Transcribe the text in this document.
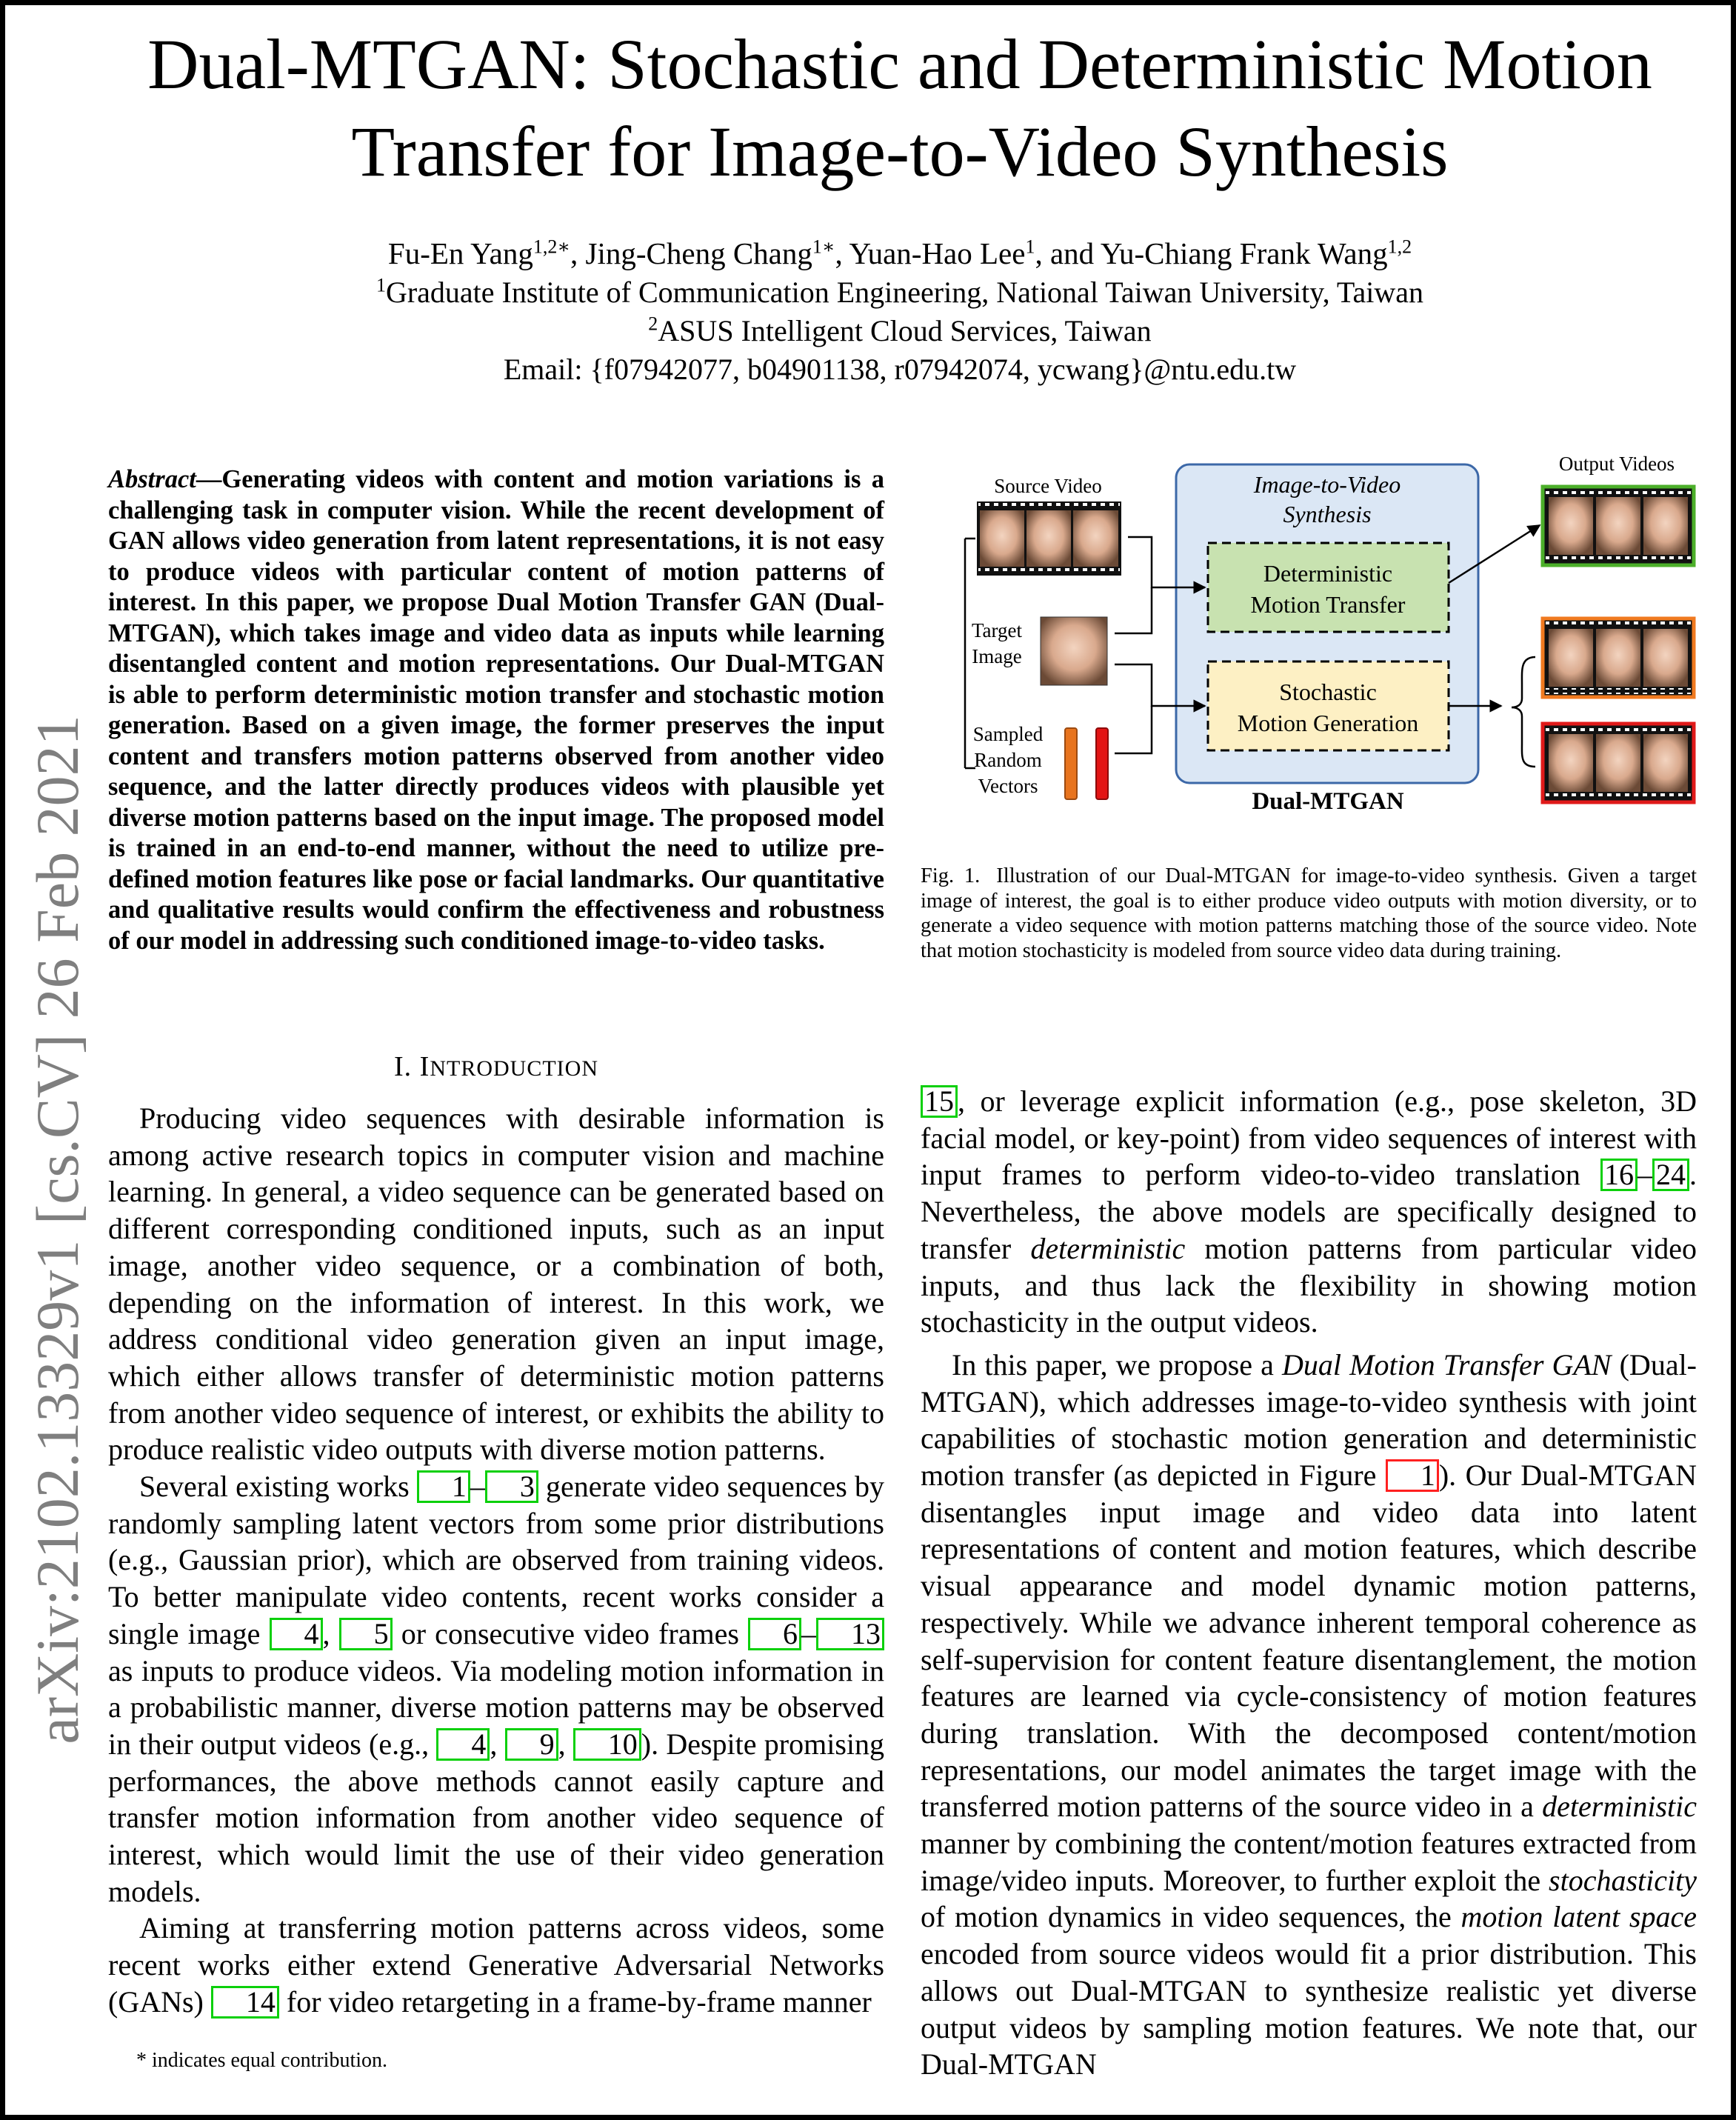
Dual-MTGAN: Stochastic and Deterministic Motion
Transfer for Image-to-Video Synthesis
Fu-En Yang$^{1,2∗}$, Jing-Cheng Chang$^{1∗}$, Yuan-Hao Lee$^1$, and Yu-Chiang Frank Wang$^{1,2}$
$^1$Graduate Institute of Communication Engineering, National Taiwan University, Taiwan
$^2$ASUS Intelligent Cloud Services, Taiwan
Email: {f07942077, b04901138, r07942074, ycwang}@ntu.edu.tw
arXiv:2102.13329v1 [cs.CV] 26 Feb 2021
Abstract—Generating videos with content and motion variations is a challenging task in computer vision. While the recent development of GAN allows video generation from latent representations, it is not easy to produce videos with particular content of motion patterns of interest. In this paper, we propose Dual Motion Transfer GAN (Dual-MTGAN), which takes image and video data as inputs while learning disentangled content and motion representations. Our Dual-MTGAN is able to perform deterministic motion transfer and stochastic motion generation. Based on a given image, the former preserves the input content and transfers motion patterns observed from another video sequence, and the latter directly produces videos with plausible yet diverse motion patterns based on the input image. The proposed model is trained in an end-to-end manner, without the need to utilize pre-defined motion features like pose or facial landmarks. Our quantitative and qualitative results would confirm the effectiveness and robustness of our model in addressing such conditioned image-to-video tasks.
I. INTRODUCTION

Producing video sequences with desirable information is among active research topics in computer vision and machine learning. In general, a video sequence can be generated based on different corresponding conditioned inputs, such as an input image, another video sequence, or a combination of both, depending on the information of interest. In this work, we address conditional video generation given an input image, which either allows transfer of deterministic motion patterns from another video sequence of interest, or exhibits the ability to produce realistic video outputs with diverse motion patterns.

Several existing works 1 – 3 generate video sequences by randomly sampling latent vectors from some prior distributions (e.g., Gaussian prior), which are observed from training videos. To better manipulate video contents, recent works consider a single image 4 , 5 or consecutive video frames 6 – 13 as inputs to produce videos. Via modeling motion information in a probabilistic manner, diverse motion patterns may be observed in their output videos (e.g., 4 , 9 , 10 ). Despite promising performances, the above methods cannot easily capture and transfer motion information from another video sequence of interest, which would limit the use of their video generation models.

Aiming at transferring motion patterns across videos, some recent works either extend Generative Adversarial Networks (GANs) 14 for video retargeting in a frame-by-frame manner

* indicates equal contribution.
Image-to-Video
Synthesis
Deterministic
Motion Transfer
Stochastic
Motion Generation
Dual-MTGAN
Source Video
Target
Image
Sampled
Random
Vectors
Output Videos
Fig. 1. Illustration of our Dual-MTGAN for image-to-video synthesis. Given a target image of interest, the goal is to either produce video outputs with motion diversity, or to generate a video sequence with motion patterns matching those of the source video. Note that motion stochasticity is modeled from source video data during training.

15 , or leverage explicit information (e.g., pose skeleton, 3D facial model, or key-point) from video sequences of interest with input frames to perform video-to-video translation 16 – 24 . Nevertheless, the above models are specifically designed to transfer deterministic motion patterns from particular video inputs, and thus lack the flexibility in showing motion stochasticity in the output videos.

In this paper, we propose a Dual Motion Transfer GAN (Dual-MTGAN), which addresses image-to-video synthesis with joint capabilities of stochastic motion generation and deterministic motion transfer (as depicted in Figure 1 ). Our Dual-MTGAN disentangles input image and video data into latent representations of content and motion features, which describe visual appearance and model dynamic motion patterns, respectively. While we advance inherent temporal coherence as self-supervision for content feature disentanglement, the motion features are learned via cycle-consistency of motion features during translation. With the decomposed content/motion representations, our model animates the target image with the transferred motion patterns of the source video in a deterministic manner by combining the content/motion features extracted from image/video inputs. Moreover, to further exploit the stochasticity of motion dynamics in video sequences, the motion latent space encoded from source videos would fit a prior distribution. This allows out Dual-MTGAN to synthesize realistic yet diverse output videos by sampling motion features. We note that, our Dual-MTGAN
